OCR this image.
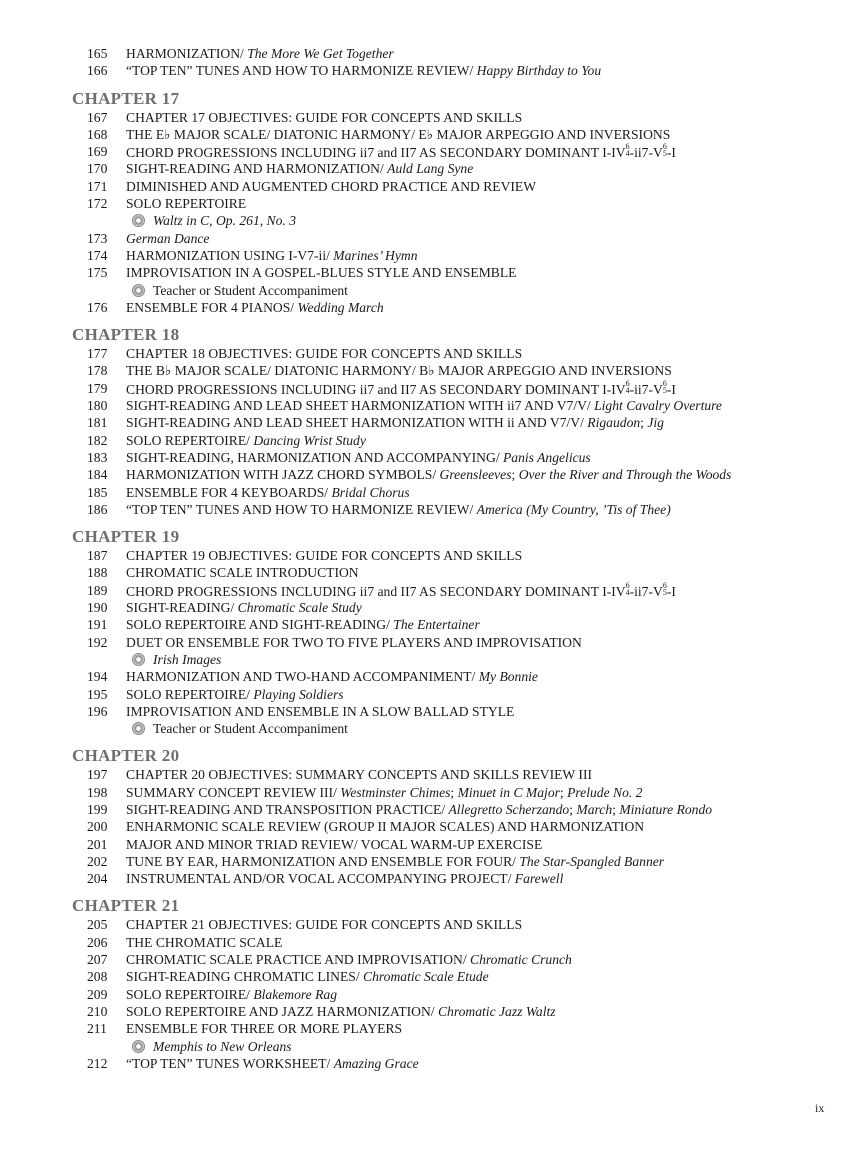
165 HARMONIZATION/ The More We Get Together
166 “TOP TEN” TUNES AND HOW TO HARMONIZE REVIEW/ Happy Birthday to You
CHAPTER 17
167 CHAPTER 17 OBJECTIVES: GUIDE FOR CONCEPTS AND SKILLS
168 THE E♭ MAJOR SCALE/ DIATONIC HARMONY/ E♭ MAJOR ARPEGGIO AND INVERSIONS
169 CHORD PROGRESSIONS INCLUDING ii7 and II7 AS SECONDARY DOMINANT I-IV6
4-ii7-V6
5-I
170 SIGHT-READING AND HARMONIZATION/ Auld Lang Syne
171 DIMINISHED AND AUGMENTED CHORD PRACTICE AND REVIEW
172 SOLO REPERTOIRE
Waltz in C, Op. 261, No. 3
173 German Dance
174 HARMONIZATION USING I-V7-ii/ Marines’ Hymn
175 IMPROVISATION IN A GOSPEL-BLUES STYLE AND ENSEMBLE
Teacher or Student Accompaniment
176 ENSEMBLE FOR 4 PIANOS/ Wedding March
CHAPTER 18
177 CHAPTER 18 OBJECTIVES: GUIDE FOR CONCEPTS AND SKILLS
178 THE B♭ MAJOR SCALE/ DIATONIC HARMONY/ B♭ MAJOR ARPEGGIO AND INVERSIONS
179 CHORD PROGRESSIONS INCLUDING ii7 and II7 AS SECONDARY DOMINANT I-IV6
4-ii7-V6
5-I
180 SIGHT-READING AND LEAD SHEET HARMONIZATION WITH ii7 AND V7/V/ Light Cavalry Overture
181 SIGHT-READING AND LEAD SHEET HARMONIZATION WITH ii AND V7/V/ Rigaudon; Jig
182 SOLO REPERTOIRE/ Dancing Wrist Study
183 SIGHT-READING, HARMONIZATION AND ACCOMPANYING/ Panis Angelicus
184 HARMONIZATION WITH JAZZ CHORD SYMBOLS/ Greensleeves; Over the River and Through the Woods
185 ENSEMBLE FOR 4 KEYBOARDS/ Bridal Chorus
186 “TOP TEN” TUNES AND HOW TO HARMONIZE REVIEW/ America (My Country, ’Tis of Thee)
CHAPTER 19
187 CHAPTER 19 OBJECTIVES: GUIDE FOR CONCEPTS AND SKILLS
188 CHROMATIC SCALE INTRODUCTION
189 CHORD PROGRESSIONS INCLUDING ii7 and II7 AS SECONDARY DOMINANT I-IV6
4-ii7-V6
5-I
190 SIGHT-READING/ Chromatic Scale Study
191 SOLO REPERTOIRE AND SIGHT-READING/ The Entertainer
192 DUET OR ENSEMBLE FOR TWO TO FIVE PLAYERS AND IMPROVISATION
Irish Images
194 HARMONIZATION AND TWO-HAND ACCOMPANIMENT/ My Bonnie
195 SOLO REPERTOIRE/ Playing Soldiers
196 IMPROVISATION AND ENSEMBLE IN A SLOW BALLAD STYLE
Teacher or Student Accompaniment
CHAPTER 20
197 CHAPTER 20 OBJECTIVES: SUMMARY CONCEPTS AND SKILLS REVIEW III
198 SUMMARY CONCEPT REVIEW III/ Westminster Chimes; Minuet in C Major; Prelude No. 2
199 SIGHT-READING AND TRANSPOSITION PRACTICE/ Allegretto Scherzando; March; Miniature Rondo
200 ENHARMONIC SCALE REVIEW (GROUP II MAJOR SCALES) AND HARMONIZATION
201 MAJOR AND MINOR TRIAD REVIEW/ VOCAL WARM-UP EXERCISE
202 TUNE BY EAR, HARMONIZATION AND ENSEMBLE FOR FOUR/ The Star-Spangled Banner
204 INSTRUMENTAL AND/OR VOCAL ACCOMPANYING PROJECT/ Farewell
CHAPTER 21
205 CHAPTER 21 OBJECTIVES: GUIDE FOR CONCEPTS AND SKILLS
206 THE CHROMATIC SCALE
207 CHROMATIC SCALE PRACTICE AND IMPROVISATION/ Chromatic Crunch
208 SIGHT-READING CHROMATIC LINES/ Chromatic Scale Etude
209 SOLO REPERTOIRE/ Blakemore Rag
210 SOLO REPERTOIRE AND JAZZ HARMONIZATION/ Chromatic Jazz Waltz
211 ENSEMBLE FOR THREE OR MORE PLAYERS
Memphis to New Orleans
212 “TOP TEN” TUNES WORKSHEET/ Amazing Grace
ix
